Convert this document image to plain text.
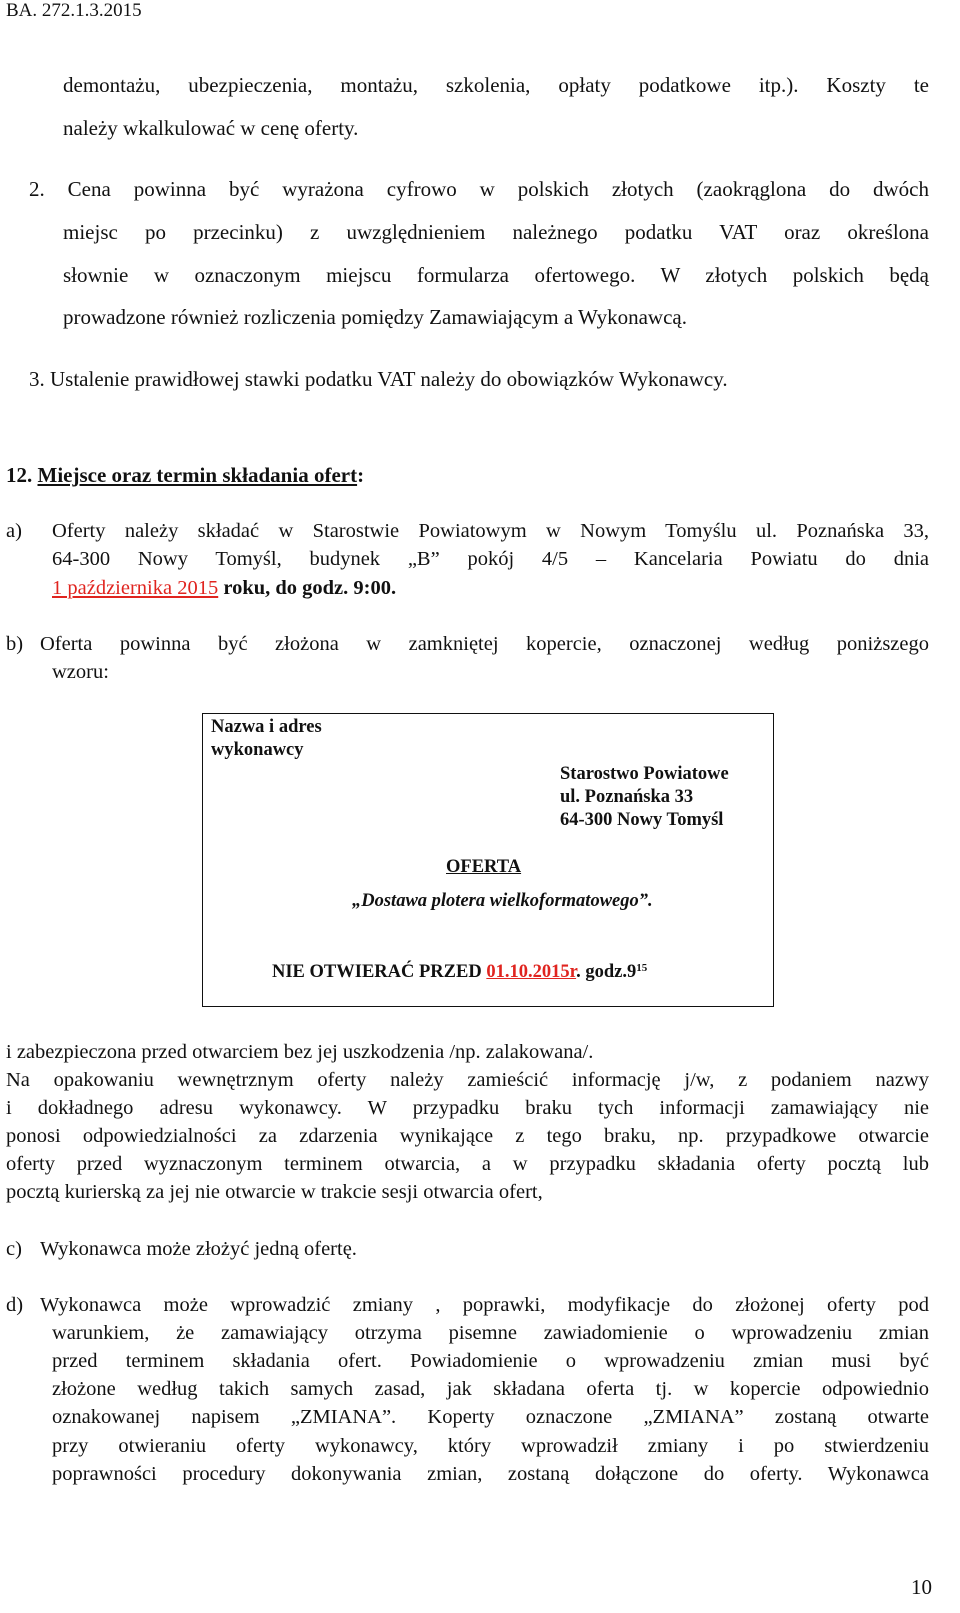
BA. 272.1.3.2015
demontażu, ubezpieczenia, montażu, szkolenia, opłaty podatkowe itp.). Koszty te
należy wkalkulować w cenę oferty.
2. Cena powinna być wyrażona cyfrowo w polskich złotych (zaokrąglona do dwóch
miejsc po przecinku) z uwzględnieniem należnego podatku VAT oraz określona
słownie w oznaczonym miejscu formularza ofertowego. W złotych polskich będą
prowadzone również rozliczenia pomiędzy Zamawiającym a Wykonawcą.
3. Ustalenie prawidłowej stawki podatku VAT należy do obowiązków Wykonawcy.
12. Miejsce oraz termin składania ofert:
a) Oferty należy składać w Starostwie Powiatowym w Nowym Tomyślu ul. Poznańska 33,
64-300 Nowy Tomyśl, budynek „B” pokój 4/5 – Kancelaria Powiatu do dnia
1 października 2015 roku, do godz. 9:00.
b) Oferta powinna być złożona w zamkniętej kopercie, oznaczonej według poniższego
wzoru:
Nazwa i adres
wykonawcy
Starostwo Powiatowe
ul. Poznańska 33
64-300 Nowy Tomyśl
OFERTA
„Dostawa plotera wielkoformatowego”.
NIE OTWIERAĆ PRZED 01.10.2015r. $godz.9^{15}$
i zabezpieczona przed otwarciem bez jej uszkodzenia /np. zalakowana/.
Na opakowaniu wewnętrznym oferty należy zamieścić informację j/w, z podaniem nazwy
i dokładnego adresu wykonawcy. W przypadku braku tych informacji zamawiający nie
ponosi odpowiedzialności za zdarzenia wynikające z tego braku, np. przypadkowe otwarcie
oferty przed wyznaczonym terminem otwarcia, a w przypadku składania oferty pocztą lub
pocztą kurierską za jej nie otwarcie w trakcie sesji otwarcia ofert,
c) Wykonawca może złożyć jedną ofertę.
d) Wykonawca może wprowadzić zmiany , poprawki, modyfikacje do złożonej oferty pod
warunkiem, że zamawiający otrzyma pisemne zawiadomienie o wprowadzeniu zmian
przed terminem składania ofert. Powiadomienie o wprowadzeniu zmian musi być
złożone według takich samych zasad, jak składana oferta tj. w kopercie odpowiednio
oznakowanej napisem „ZMIANA”. Koperty oznaczone „ZMIANA” zostaną otwarte
przy otwieraniu oferty wykonawcy, który wprowadził zmiany i po stwierdzeniu
poprawności procedury dokonywania zmian, zostaną dołączone do oferty. Wykonawca
10
